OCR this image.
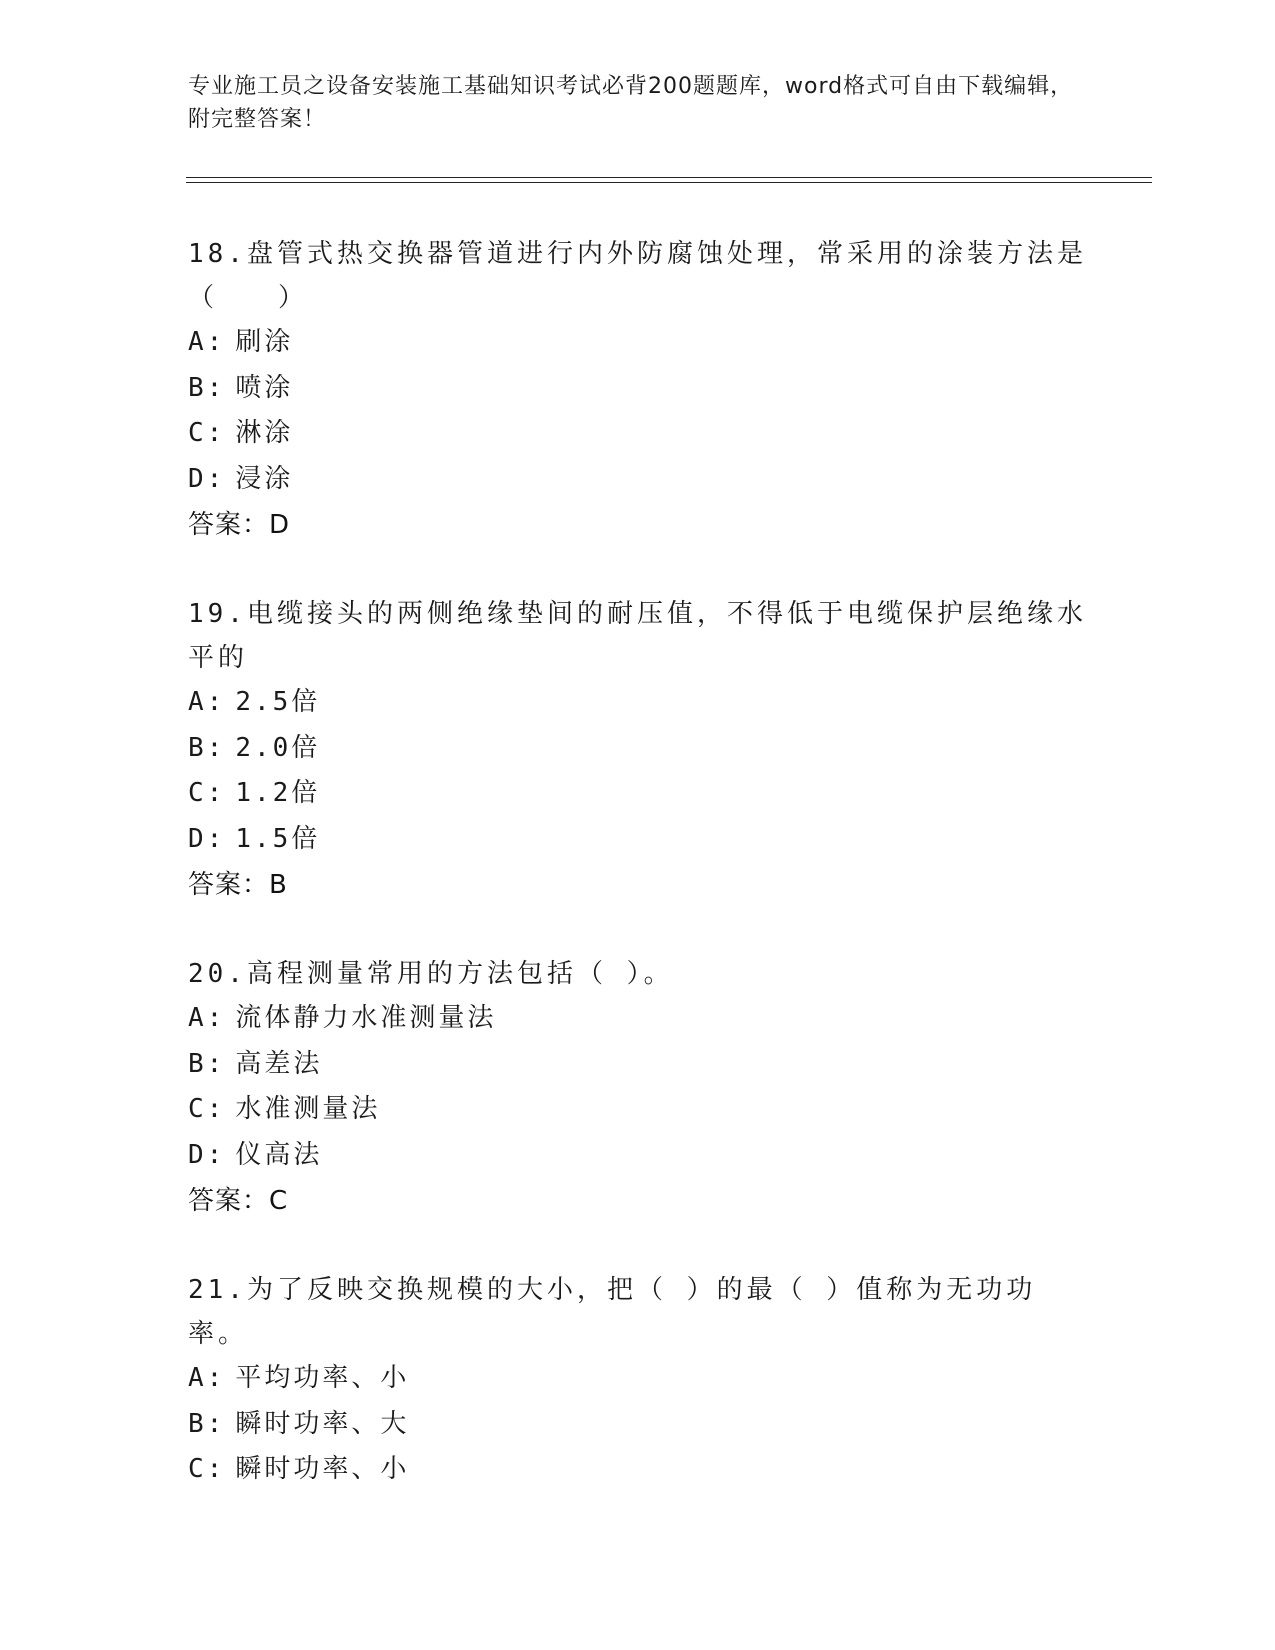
专业施工员之设备安装施工基础知识考试必背200题题库，word格式可自由下载编辑，附完整答案！
18.盘管式热交换器管道进行内外防腐蚀处理，常采用的涂装方法是（　　）
A: 刷涂
B: 喷涂
C: 淋涂
D: 浸涂
答案：D
19.电缆接头的两侧绝缘垫间的耐压值，不得低于电缆保护层绝缘水平的
A: 2.5倍
B: 2.0倍
C: 1.2倍
D: 1.5倍
答案：B
20.高程测量常用的方法包括（ ）。
A: 流体静力水准测量法
B: 高差法
C: 水准测量法
D: 仪高法
答案：C
21.为了反映交换规模的大小，把（ ）的最（ ）值称为无功功率。
A: 平均功率、小
B: 瞬时功率、大
C: 瞬时功率、小
